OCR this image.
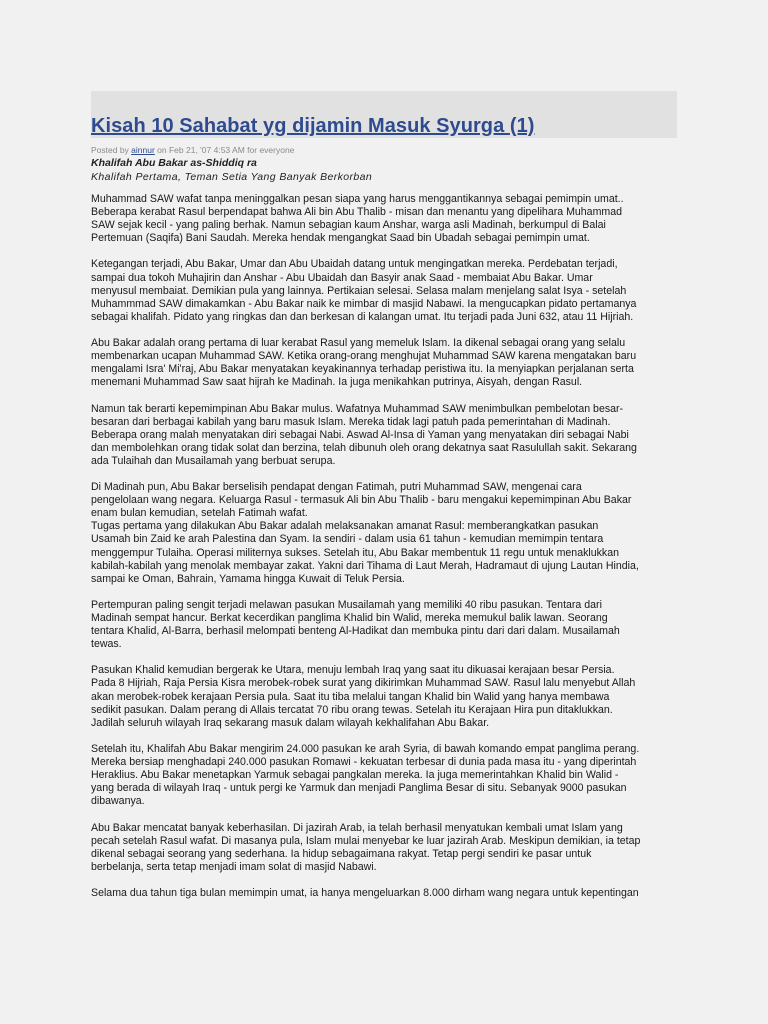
Kisah 10 Sahabat yg dijamin Masuk Syurga (1)
Posted by ainnur on Feb 21, '07 4:53 AM for everyone
Khalifah Abu Bakar as-Shiddiq ra
Khalifah Pertama, Teman Setia Yang Banyak Berkorban

Muhammad SAW wafat tanpa meninggalkan pesan siapa yang harus menggantikannya sebagai pemimpin umat..
Beberapa kerabat Rasul berpendapat bahwa Ali bin Abu Thalib - misan dan menantu yang dipelihara Muhammad
SAW sejak kecil - yang paling berhak. Namun sebagian kaum Anshar, warga asli Madinah, berkumpul di Balai
Pertemuan (Saqifa) Bani Saudah. Mereka hendak mengangkat Saad bin Ubadah sebagai pemimpin umat.

Ketegangan terjadi, Abu Bakar, Umar dan Abu Ubaidah datang untuk mengingatkan mereka. Perdebatan terjadi,
sampai dua tokoh Muhajirin dan Anshar - Abu Ubaidah dan Basyir anak Saad - membaiat Abu Bakar. Umar
menyusul membaiat. Demikian pula yang lainnya. Pertikaian selesai. Selasa malam menjelang salat Isya - setelah
Muhammmad SAW dimakamkan - Abu Bakar naik ke mimbar di masjid Nabawi. Ia mengucapkan pidato pertamanya
sebagai khalifah. Pidato yang ringkas dan dan berkesan di kalangan umat. Itu terjadi pada Juni 632, atau 11 Hijriah.

Abu Bakar adalah orang pertama di luar kerabat Rasul yang memeluk Islam. Ia dikenal sebagai orang yang selalu
membenarkan ucapan Muhammad SAW. Ketika orang-orang menghujat Muhammad SAW karena mengatakan baru
mengalami Isra' Mi'raj, Abu Bakar menyatakan keyakinannya terhadap peristiwa itu. Ia menyiapkan perjalanan serta
menemani Muhammad Saw saat hijrah ke Madinah. Ia juga menikahkan putrinya, Aisyah, dengan Rasul.

Namun tak berarti kepemimpinan Abu Bakar mulus. Wafatnya Muhammad SAW menimbulkan pembelotan besar-
besaran dari berbagai kabilah yang baru masuk Islam. Mereka tidak lagi patuh pada pemerintahan di Madinah.
Beberapa orang malah menyatakan diri sebagai Nabi. Aswad Al-Insa di Yaman yang menyatakan diri sebagai Nabi
dan membolehkan orang tidak solat dan berzina, telah dibunuh oleh orang dekatnya saat Rasulullah sakit. Sekarang
ada Tulaihah dan Musailamah yang berbuat serupa.

Di Madinah pun, Abu Bakar berselisih pendapat dengan Fatimah, putri Muhammad SAW, mengenai cara
pengelolaan wang negara. Keluarga Rasul - termasuk Ali bin Abu Thalib - baru mengakui kepemimpinan Abu Bakar
enam bulan kemudian, setelah Fatimah wafat.
Tugas pertama yang dilakukan Abu Bakar adalah melaksanakan amanat Rasul: memberangkatkan pasukan
Usamah bin Zaid ke arah Palestina dan Syam. Ia sendiri - dalam usia 61 tahun - kemudian memimpin tentara
menggempur Tulaiha. Operasi militernya sukses. Setelah itu, Abu Bakar membentuk 11 regu untuk menaklukkan
kabilah-kabilah yang menolak membayar zakat. Yakni dari Tihama di Laut Merah, Hadramaut di ujung Lautan Hindia,
sampai ke Oman, Bahrain, Yamama hingga Kuwait di Teluk Persia.

Pertempuran paling sengit terjadi melawan pasukan Musailamah yang memiliki 40 ribu pasukan. Tentara dari
Madinah sempat hancur. Berkat kecerdikan panglima Khalid bin Walid, mereka memukul balik lawan. Seorang
tentara Khalid, Al-Barra, berhasil melompati benteng Al-Hadikat dan membuka pintu dari dari dalam. Musailamah
tewas.

Pasukan Khalid kemudian bergerak ke Utara, menuju lembah Iraq yang saat itu dikuasai kerajaan besar Persia.
Pada 8 Hijriah, Raja Persia Kisra merobek-robek surat yang dikirimkan Muhammad SAW. Rasul lalu menyebut Allah
akan merobek-robek kerajaan Persia pula. Saat itu tiba melalui tangan Khalid bin Walid yang hanya membawa
sedikit pasukan. Dalam perang di Allais tercatat 70 ribu orang tewas. Setelah itu Kerajaan Hira pun ditaklukkan.
Jadilah seluruh wilayah Iraq sekarang masuk dalam wilayah kekhalifahan Abu Bakar.

Setelah itu, Khalifah Abu Bakar mengirim 24.000 pasukan ke arah Syria, di bawah komando empat panglima perang.
Mereka bersiap menghadapi 240.000 pasukan Romawi - kekuatan terbesar di dunia pada masa itu - yang diperintah
Heraklius. Abu Bakar menetapkan Yarmuk sebagai pangkalan mereka. Ia juga memerintahkan Khalid bin Walid -
yang berada di wilayah Iraq - untuk pergi ke Yarmuk dan menjadi Panglima Besar di situ. Sebanyak 9000 pasukan
dibawanya.

Abu Bakar mencatat banyak keberhasilan. Di jazirah Arab, ia telah berhasil menyatukan kembali umat Islam yang
pecah setelah Rasul wafat. Di masanya pula, Islam mulai menyebar ke luar jazirah Arab. Meskipun demikian, ia tetap
dikenal sebagai seorang yang sederhana. Ia hidup sebagaimana rakyat. Tetap pergi sendiri ke pasar untuk
berbelanja, serta tetap menjadi imam solat di masjid Nabawi.

Selama dua tahun tiga bulan memimpin umat, ia hanya mengeluarkan 8.000 dirham wang negara untuk kepentingan
